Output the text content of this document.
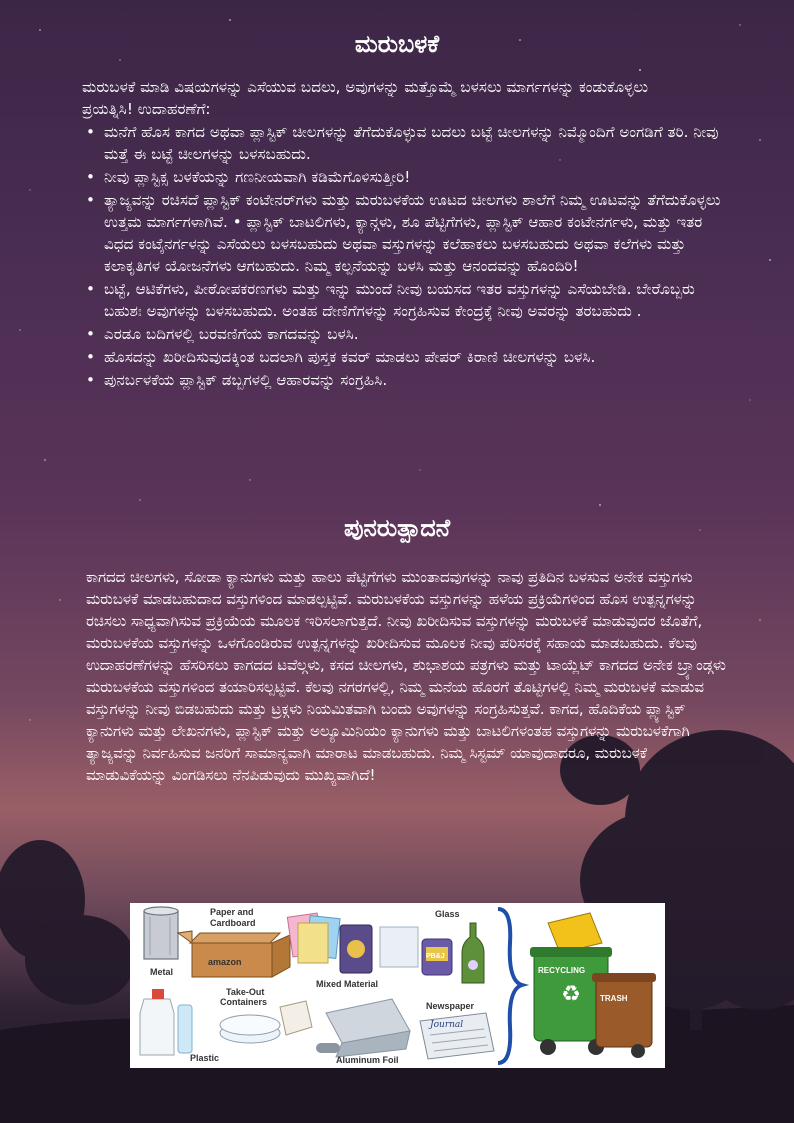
ಮರುಬಳಕೆ

ಮರುಬಳಕೆ ಮಾಡಿ ವಿಷಯಗಳನ್ನು ಎಸೆಯುವ ಬದಲು, ಅವುಗಳನ್ನು ಮತ್ತೊಮ್ಮೆ ಬಳಸಲು ಮಾರ್ಗಗಳನ್ನು ಕಂಡುಕೊಳ್ಳಲು ಪ್ರಯತ್ನಿಸಿ! ಉದಾಹರಣೆಗೆ:

• ಮನೆಗೆ ಹೊಸ ಕಾಗದ ಅಥವಾ ಪ್ಲಾಸ್ಟಿಕ್ ಚೀಲಗಳನ್ನು ತೆಗೆದುಕೊಳ್ಳುವ ಬದಲು ಬಟ್ಟೆ ಚೀಲಗಳನ್ನು ನಿಮ್ಮೊಂದಿಗೆ ಅಂಗಡಿಗೆ ತರಿ. ನೀವು ಮತ್ತೆ ಈ ಬಟ್ಟೆ ಚೀಲಗಳನ್ನು ಬಳಸಬಹುದು.
• ನೀವು ಪ್ಲಾಸ್ಟಿಕ್ಸ ಬಳಕೆಯನ್ನು ಗಣನೀಯವಾಗಿ ಕಡಿಮೆಗೊಳಿಸುತ್ತೀರಿ!
• ತ್ಯಾಜ್ಯವನ್ನು ರಚಿಸದೆ ಪ್ಲಾಸ್ಟಿಕ್ ಕಂಟೇನರ್‌ಗಳು ಮತ್ತು ಮರುಬಳಕೆಯ ಊಟದ ಚೀಲಗಳು ಶಾಲೆಗೆ ನಿಮ್ಮ ಊಟವನ್ನು ತೆಗೆದುಕೊಳ್ಳಲು ಉತ್ತಮ ಮಾರ್ಗಗಳಾಗಿವೆ. • ಪ್ಲಾಸ್ಟಿಕ್ ಬಾಟಲಿಗಳು, ಕ್ಯಾನ್ಗಳು, ಶೂ ಪೆಟ್ಟಿಗೆಗಳು, ಪ್ಲಾಸ್ಟಿಕ್ ಆಹಾರ ಕಂಟೇನರ್ಗಳು, ಮತ್ತು ಇತರ ವಿಧದ ಕಂಟೈನರ್ಗಳನ್ನು ಎಸೆಯಲು ಬಳಸಬಹುದು ಅಥವಾ ವಸ್ತುಗಳನ್ನು ಕಲೆಹಾಕಲು ಬಳಸಬಹುದು ಅಥವಾ ಕಲೆಗಳು ಮತ್ತು ಕಲಾಕೃತಿಗಳ ಯೋಜನೆಗಳು ಆಗಬಹುದು. ನಿಮ್ಮ ಕಲ್ಪನೆಯನ್ನು ಬಳಸಿ ಮತ್ತು ಆನಂದವನ್ನು ಹೊಂದಿರಿ!
• ಬಟ್ಟೆ, ಆಟಿಕೆಗಳು, ಪೀಠೋಪಕರಣಗಳು ಮತ್ತು ಇನ್ನು ಮುಂದೆ ನೀವು ಬಯಸದ ಇತರ ವಸ್ತುಗಳನ್ನು ಎಸೆಯಬೇಡಿ. ಬೇರೊಬ್ಬರು ಬಹುಶಃ ಅವುಗಳನ್ನು ಬಳಸಬಹುದು. ಅಂತಹ ದೇಣಿಗೆಗಳನ್ನು ಸಂಗ್ರಹಿಸುವ ಕೇಂದ್ರಕ್ಕೆ ನೀವು ಅವರನ್ನು ತರಬಹುದು .
• ಎರಡೂ ಬದಿಗಳಲ್ಲಿ ಬರವಣಿಗೆಯ ಕಾಗದವನ್ನು ಬಳಸಿ.
• ಹೊಸದನ್ನು ಖರೀದಿಸುವುದಕ್ಕಿಂತ ಬದಲಾಗಿ ಪುಸ್ತಕ ಕವರ್ ಮಾಡಲು ಪೇಪರ್ ಕಿರಾಣಿ ಚೀಲಗಳನ್ನು ಬಳಸಿ.
• ಪುನರ್ಬಳಕೆಯ ಪ್ಲಾಸ್ಟಿಕ್ ಡಬ್ಬಗಳಲ್ಲಿ ಆಹಾರವನ್ನು ಸಂಗ್ರಹಿಸಿ.
ಪುನರುತ್ಪಾದನೆ

ಕಾಗದದ ಚೀಲಗಳು, ಸೋಡಾ ಕ್ಯಾನುಗಳು ಮತ್ತು ಹಾಲು ಪೆಟ್ಟಿಗೆಗಳು ಮುಂತಾದವುಗಳನ್ನು ನಾವು ಪ್ರತಿದಿನ ಬಳಸುವ ಅನೇಕ ವಸ್ತುಗಳು ಮರುಬಳಕೆ ಮಾಡಬಹುದಾದ ವಸ್ತುಗಳಿಂದ ಮಾಡಲ್ಪಟ್ಟಿವೆ. ಮರುಬಳಕೆಯ ವಸ್ತುಗಳನ್ನು ಹಳೆಯ ಪ್ರಕ್ರಿಯೆಗಳಿಂದ ಹೊಸ ಉತ್ಪನ್ನಗಳನ್ನು ರಚಿಸಲು ಸಾಧ್ಯವಾಗಿಸುವ ಪ್ರಕ್ರಿಯೆಯ ಮೂಲಕ ಇರಿಸಲಾಗುತ್ತದೆ. ನೀವು ಖರೀದಿಸುವ ವಸ್ತುಗಳನ್ನು ಮರುಬಳಕೆ ಮಾಡುವುದರ ಜೊತೆಗೆ, ಮರುಬಳಕೆಯ ವಸ್ತುಗಳನ್ನು ಒಳಗೊಂಡಿರುವ ಉತ್ಪನ್ನಗಳನ್ನು ಖರೀದಿಸುವ ಮೂಲಕ ನೀವು ಪರಿಸರಕ್ಕೆ ಸಹಾಯ ಮಾಡಬಹುದು. ಕೆಲವು ಉದಾಹರಣೆಗಳನ್ನು ಹೆಸರಿಸಲು ಕಾಗದದ ಟವೆಲ್ಗಳು, ಕಸದ ಚೀಲಗಳು, ಶುಭಾಶಯ ಪತ್ರಗಳು ಮತ್ತು ಟಾಯ್ಲೆಟ್ ಕಾಗದದ ಅನೇಕ ಬ್ರ್ಯಾಂಡ್ಗಳು ಮರುಬಳಕೆಯ ವಸ್ತುಗಳಿಂದ ತಯಾರಿಸಲ್ಪಟ್ಟಿವೆ. ಕೆಲವು ನಗರಗಳಲ್ಲಿ, ನಿಮ್ಮ ಮನೆಯ ಹೊರಗೆ ತೊಟ್ಟಿಗಳಲ್ಲಿ ನಿಮ್ಮ ಮರುಬಳಕೆ ಮಾಡುವ ವಸ್ತುಗಳನ್ನು ನೀವು ಬಿಡಬಹುದು ಮತ್ತು ಟ್ರಕ್ಗಳು ನಿಯಮಿತವಾಗಿ ಬಂದು ಅವುಗಳನ್ನು ಸಂಗ್ರಹಿಸುತ್ತವೆ. ಕಾಗದ, ಹೊದಿಕೆಯ ಪ್ಲ್ಯಾಸ್ಟಿಕ್ ಕ್ಯಾನುಗಳು ಮತ್ತು ಲೇಖನಗಳು, ಪ್ಲಾಸ್ಟಿಕ್ ಮತ್ತು ಅಲ್ಯೂಮಿನಿಯಂ ಕ್ಯಾನುಗಳು ಮತ್ತು ಬಾಟಲಿಗಳಂತಹ ವಸ್ತುಗಳನ್ನು ಮರುಬಳಕೆಗಾಗಿ ತ್ಯಾಜ್ಯವನ್ನು ನಿರ್ವಹಿಸುವ ಜನರಿಗೆ ಸಾಮಾನ್ಯವಾಗಿ ಮಾರಾಟ ಮಾಡಬಹುದು. ನಿಮ್ಮ ಸಿಸ್ಟಮ್ ಯಾವುದಾದರೂ, ಮರುಬಳಕೆ ಮಾಡುವಿಕೆಯನ್ನು ವಿಂಗಡಿಸಲು ನೆನಪಿಡುವುದು ಮುಖ್ಯವಾಗಿದೆ!

Metal
Paper and
Cardboard
amazon
Mixed Material
Glass
PB&J
♻
RECYCLING
TRASH
Plastic
Take-Out
Containers
Aluminum Foil
Newspaper
Journal
